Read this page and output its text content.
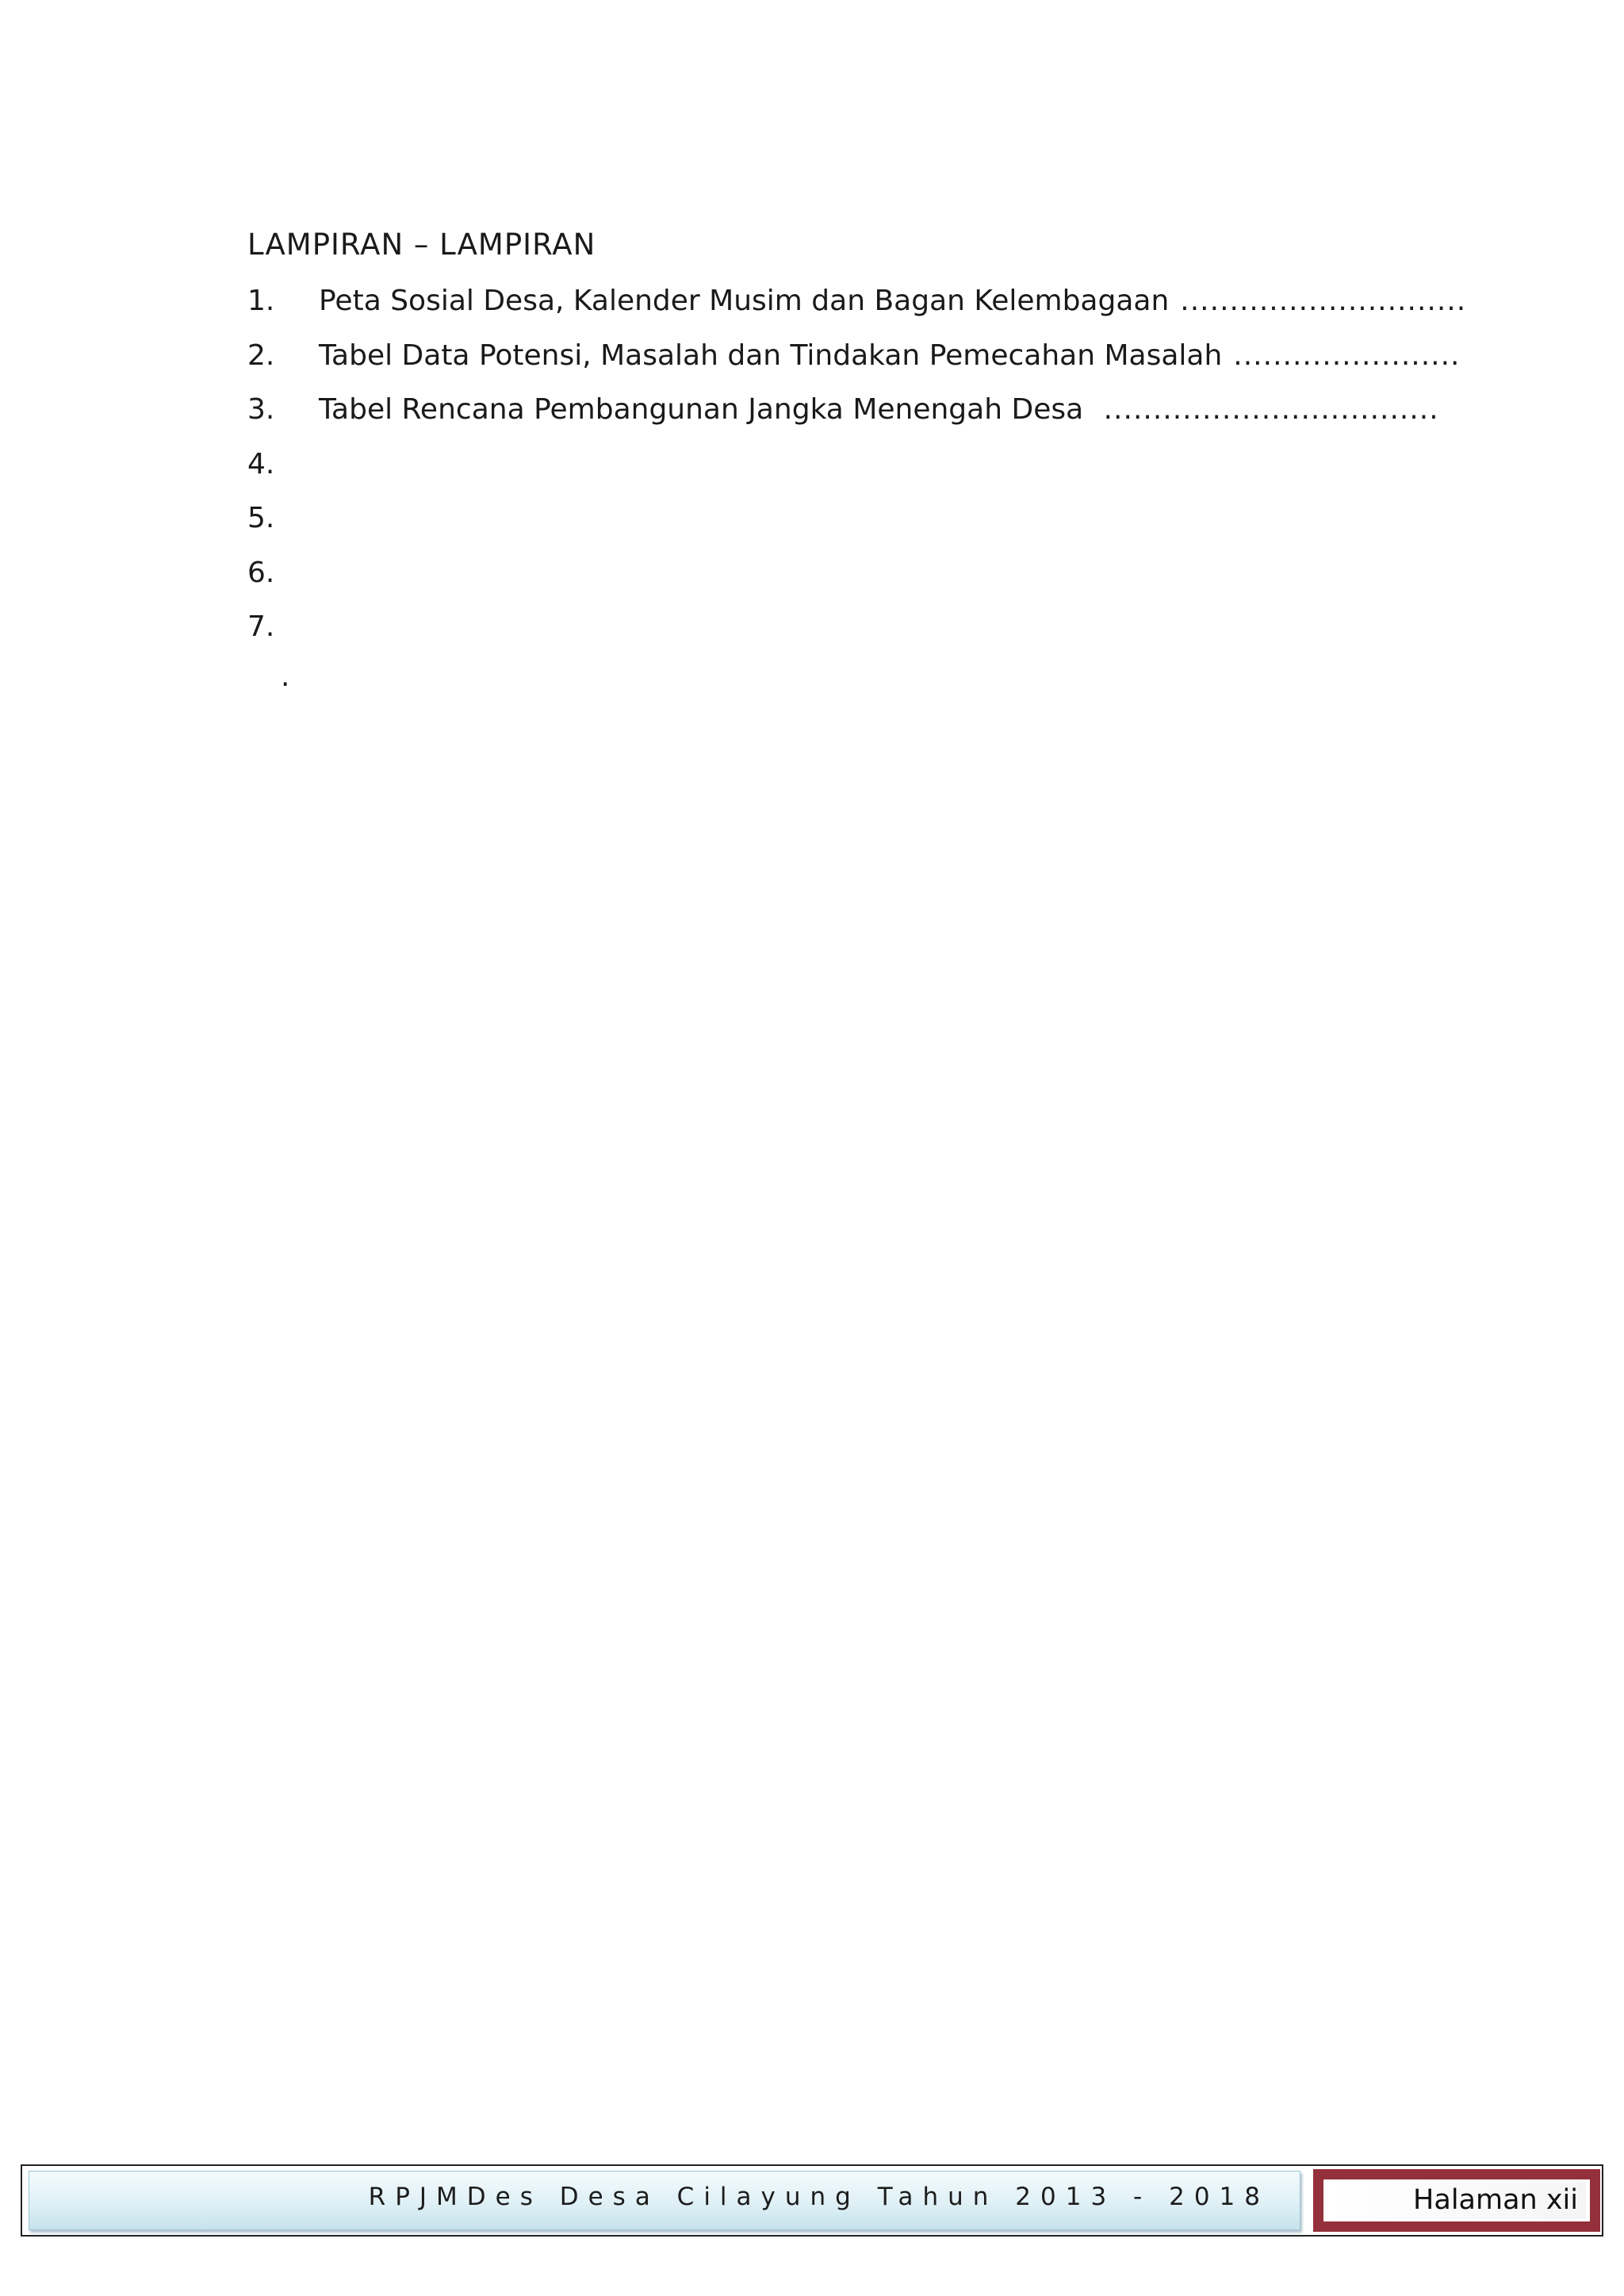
LAMPIRAN – LAMPIRAN
1. Peta Sosial Desa, Kalender Musim dan Bagan Kelembagaan .............................
2. Tabel Data Potensi, Masalah dan Tindakan Pemecahan Masalah .......................
3. Tabel Rencana Pembangunan Jangka Menengah Desa ..................................
4.
5.
6.
7.
.
RPJMDes Desa Cilayung Tahun 2013 - 2018	Halaman xii
